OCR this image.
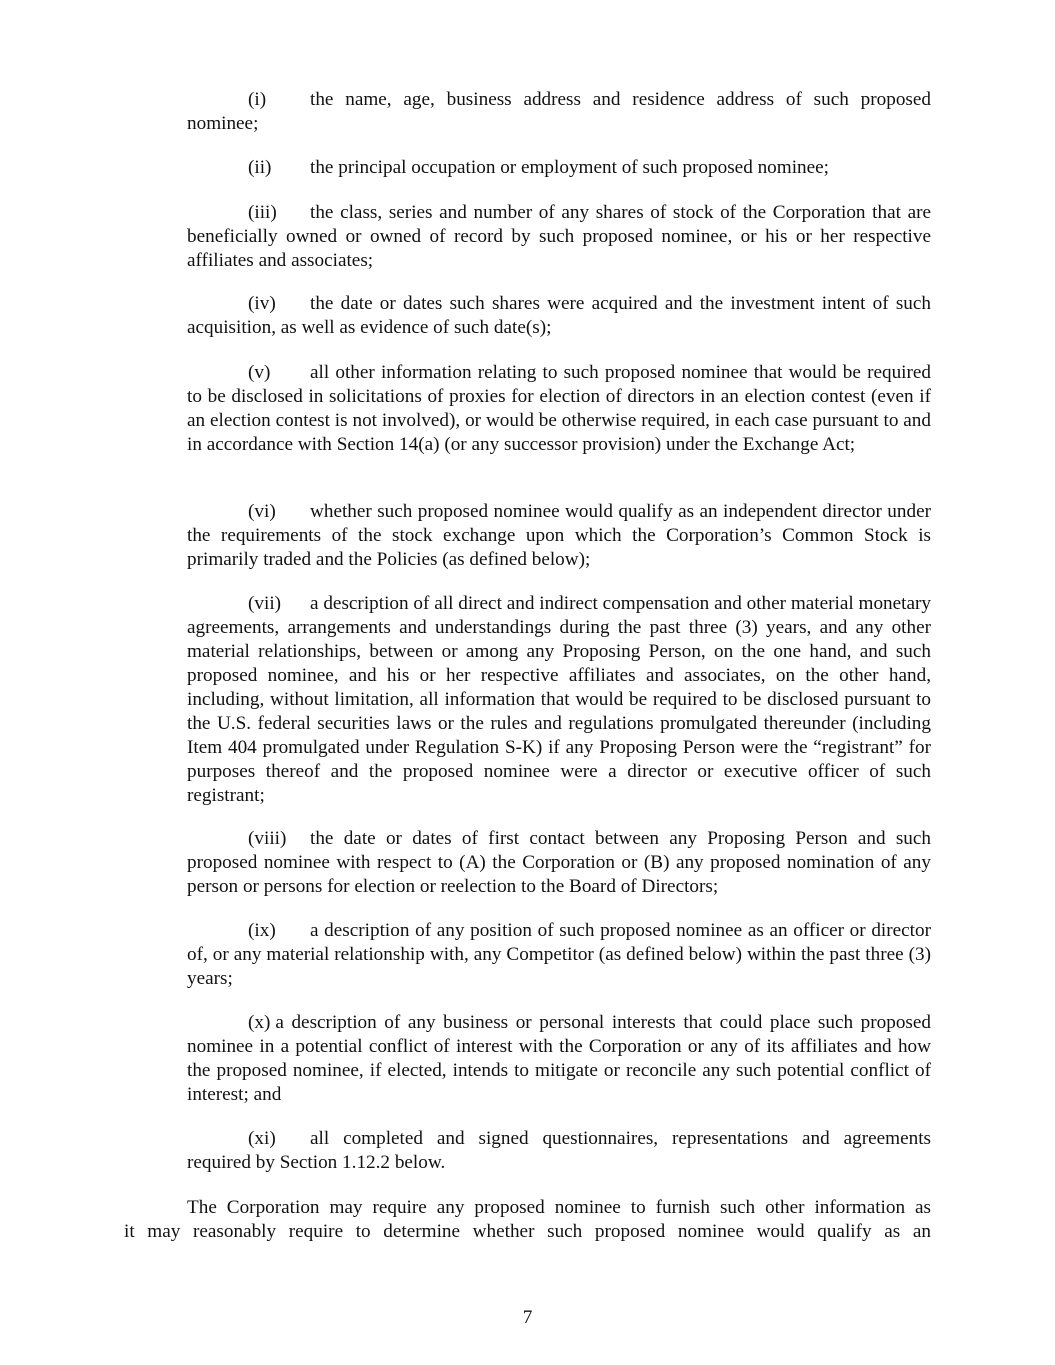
(i) the name, age, business address and residence address of such proposed nominee;

(ii) the principal occupation or employment of such proposed nominee;

(iii) the class, series and number of any shares of stock of the Corporation that are beneficially owned or owned of record by such proposed nominee, or his or her respective affiliates and associates;

(iv) the date or dates such shares were acquired and the investment intent of such acquisition, as well as evidence of such date(s);

(v) all other information relating to such proposed nominee that would be required to be disclosed in solicitations of proxies for election of directors in an election contest (even if an election contest is not involved), or would be otherwise required, in each case pursuant to and in accordance with Section 14(a) (or any successor provision) under the Exchange Act;

(vi) whether such proposed nominee would qualify as an independent director under the requirements of the stock exchange upon which the Corporation’s Common Stock is primarily traded and the Policies (as defined below);

(vii) a description of all direct and indirect compensation and other material monetary agreements, arrangements and understandings during the past three (3) years, and any other material relationships, between or among any Proposing Person, on the one hand, and such proposed nominee, and his or her respective affiliates and associates, on the other hand, including, without limitation, all information that would be required to be disclosed pursuant to the U.S. federal securities laws or the rules and regulations promulgated thereunder (including Item 404 promulgated under Regulation S-K) if any Proposing Person were the “registrant” for purposes thereof and the proposed nominee were a director or executive officer of such registrant;

(viii) the date or dates of first contact between any Proposing Person and such proposed nominee with respect to (A) the Corporation or (B) any proposed nomination of any person or persons for election or reelection to the Board of Directors;

(ix) a description of any position of such proposed nominee as an officer or director of, or any material relationship with, any Competitor (as defined below) within the past three (3) years;

(x) a description of any business or personal interests that could place such proposed nominee in a potential conflict of interest with the Corporation or any of its affiliates and how the proposed nominee, if elected, intends to mitigate or reconcile any such potential conflict of interest; and

(xi) all completed and signed questionnaires, representations and agreements required by Section 1.12.2 below.

The Corporation may require any proposed nominee to furnish such other information as
it may reasonably require to determine whether such proposed nominee would qualify as an

7
